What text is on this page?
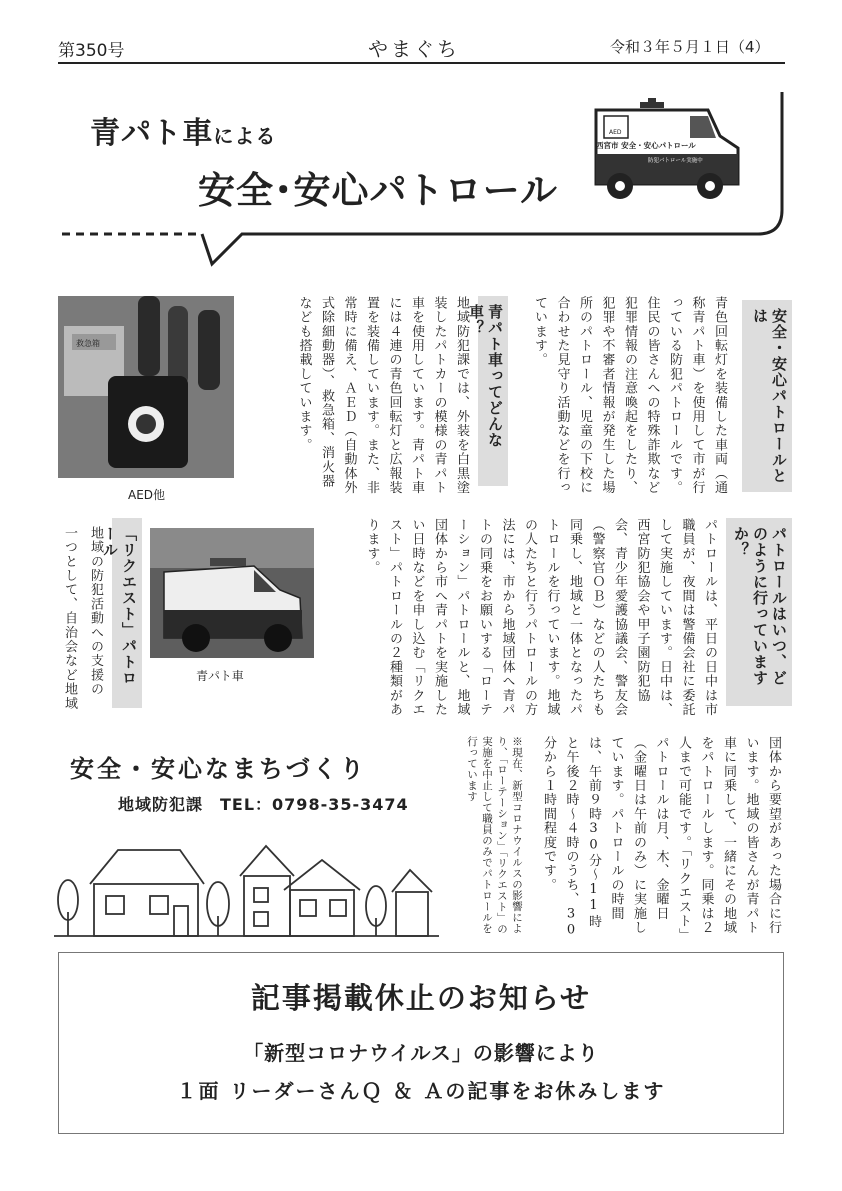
第350号	やまぐち	令和３年５月１日（4）
青パト車による
安全･安心パトロール
AED
西宮市 安全・安心パトロール
防犯パトロール実施中
安全･安心パトロールとは
青色回転灯を装備した車両（通称青パト車）を使用して市が行っている防犯パトロールです。住民の皆さんへの特殊詐欺など犯罪情報の注意喚起をしたり、犯罪や不審者情報が発生した場所のパトロール、児童の下校に合わせた見守り活動などを行っています。
青パト車ってどんな車？
地域防犯課では、外装を白黒塗装したパトカーの模様の青パト車を使用しています。青パト車には４連の青色回転灯と広報装置を装備しています。また、非常時に備え、ＡＥＤ（自動体外式除細動器）、救急箱、消火器なども搭載しています。
救急箱
AED他
パトロールはいつ、どのように行っていますか？
パトロールは、平日の日中は市職員が、夜間は警備会社に委託して実施しています。日中は、西宮防犯協会や甲子園防犯協会、青少年愛護協議会、警友会（警察官ＯＢ）などの人たちも同乗し、地域と一体となったパトロールを行っています。地域の人たちと行うパトロールの方法には、市から地域団体へ青パトの同乗をお願いする「ローテーション」パトロールと、地域団体から市へ青パトを実施したい日時などを申し込む「リクエスト」パトロールの２種類があります。
青パト車
「リクエスト」パトロール
地域の防犯活動への支援の
一つとして、自治会など地域
団体から要望があった場合に行います。地域の皆さんが青パト車に同乗して、一緒にその地域をパトロールします。同乗は２人まで可能です。「リクエスト」パトロールは月、木、金曜日（金曜日は午前のみ）に実施しています。パトロールの時間は、午前９時30分～11時と午後２時～４時のうち、30分から１時間程度です。
※現在、新型コロナウイルスの影響により、「ローテーション」「リクエスト」の実施を中止して職員のみでパトロールを行っています
安全・安心なまちづくり
地域防犯課　TEL：0798-35-3474
記事掲載休止のお知らせ
「新型コロナウイルス」の影響により
１面 リーダーさんＱ ＆ Ａの記事をお休みします
